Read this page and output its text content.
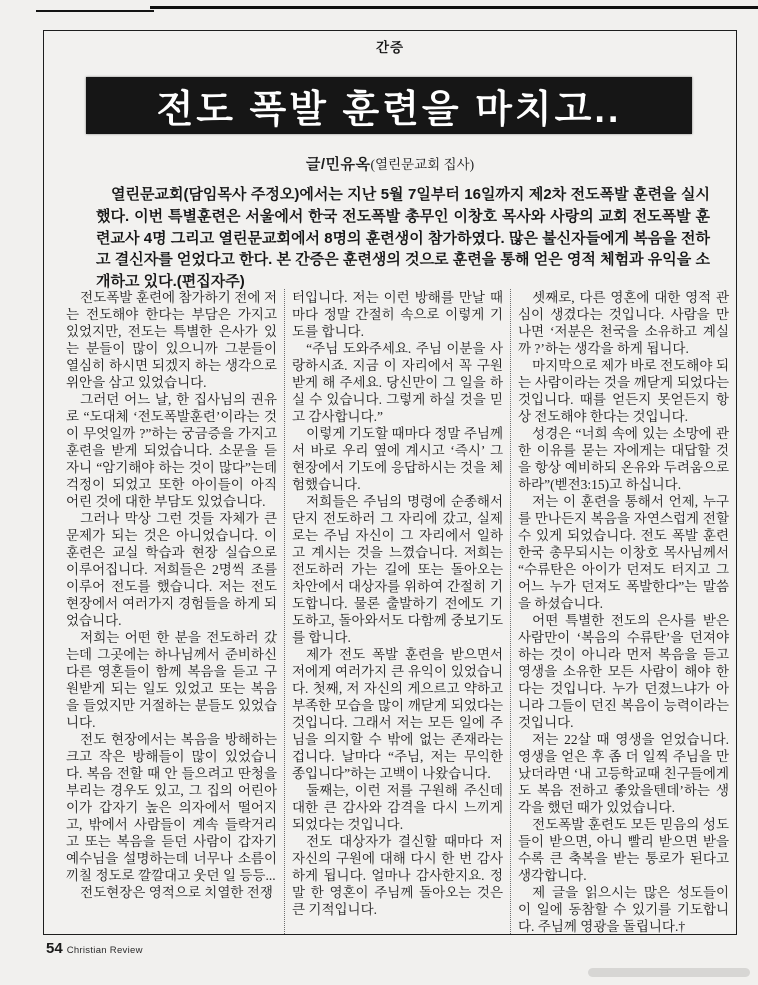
간증
전도 폭발 훈련을 마치고..
글/민유옥(열린문교회 집사)
열린문교회(담임목사 주정오)에서는 지난 5월 7일부터 16일까지 제2차 전도폭발 훈련을 실시했다. 이번 특별훈련은 서울에서 한국 전도폭발 총무인 이창호 목사와 사랑의 교회 전도폭발 훈련교사 4명 그리고 열린문교회에서 8명의 훈련생이 참가하였다. 많은 불신자들에게 복음을 전하고 결신자를 얻었다고 한다. 본 간증은 훈련생의 것으로 훈련을 통해 얻은 영적 체험과 유익을 소개하고 있다.(편집자주)

전도폭발 훈련에 참가하기 전에 저는 전도해야 한다는 부담은 가지고 있었지만, 전도는 특별한 은사가 있는 분들이 많이 있으니까 그분들이 열심히 하시면 되겠지 하는 생각으로 위안을 삼고 있었습니다.

그러던 어느 날, 한 집사님의 권유로 “도대체 ‘전도폭발훈련’이라는 것이 무엇일까 ?”하는 궁금증을 가지고 훈련을 받게 되었습니다. 소문을 듣자니 “암기해야 하는 것이 많다”는데 걱정이 되었고 또한 아이들이 아직 어린 것에 대한 부담도 있었습니다.

그러나 막상 그런 것들 자체가 큰 문제가 되는 것은 아니었습니다. 이 훈련은 교실 학습과 현장 실습으로 이루어집니다. 저희들은 2명씩 조를 이루어 전도를 했습니다. 저는 전도 현장에서 여러가지 경험들을 하게 되었습니다.

저희는 어떤 한 분을 전도하러 갔는데 그곳에는 하나님께서 준비하신 다른 영혼들이 함께 복음을 듣고 구원받게 되는 일도 있었고 또는 복음을 들었지만 거절하는 분들도 있었습니다.

전도 현장에서는 복음을 방해하는 크고 작은 방해들이 많이 있었습니다. 복음 전할 때 안 들으려고 딴청을 부리는 경우도 있고, 그 집의 어린아이가 갑자기 높은 의자에서 떨어지고, 밖에서 사람들이 계속 들락거리고 또는 복음을 듣던 사람이 갑자기 예수님을 설명하는데 너무나 소름이 끼칠 정도로 깔깔대고 웃던 일 등등...

전도현장은 영적으로 치열한 전쟁

터입니다. 저는 이런 방해를 만날 때마다 정말 간절히 속으로 이렇게 기도를 합니다.

“주님 도와주세요. 주님 이분을 사랑하시죠. 지금 이 자리에서 꼭 구원받게 해 주세요. 당신만이 그 일을 하실 수 있습니다. 그렇게 하실 것을 믿고 감사합니다.”

이렇게 기도할 때마다 정말 주님께서 바로 우리 옆에 계시고 ‘즉시’ 그 현장에서 기도에 응답하시는 것을 체험했습니다.

저희들은 주님의 명령에 순종해서 단지 전도하러 그 자리에 갔고, 실제로는 주님 자신이 그 자리에서 일하고 계시는 것을 느꼈습니다. 저희는 전도하러 가는 길에 또는 돌아오는 차안에서 대상자를 위하여 간절히 기도합니다. 물론 출발하기 전에도 기도하고, 돌아와서도 다함께 중보기도를 합니다.

제가 전도 폭발 훈련을 받으면서 저에게 여러가지 큰 유익이 있었습니다. 첫째, 저 자신의 게으르고 약하고 부족한 모습을 많이 깨닫게 되었다는 것입니다. 그래서 저는 모든 일에 주님을 의지할 수 밖에 없는 존재라는 겁니다. 날마다 “주님, 저는 무익한 종입니다”하는 고백이 나왔습니다.

둘째는, 이런 저를 구원해 주신데 대한 큰 감사와 감격을 다시 느끼게 되었다는 것입니다.

전도 대상자가 결신할 때마다 저 자신의 구원에 대해 다시 한 번 감사하게 됩니다. 얼마나 감사한지요. 정말 한 영혼이 주님께 돌아오는 것은 큰 기적입니다.

셋째로, 다른 영혼에 대한 영적 관심이 생겼다는 것입니다. 사람을 만나면 ‘저분은 천국을 소유하고 계실까 ?’하는 생각을 하게 됩니다.

마지막으로 제가 바로 전도해야 되는 사람이라는 것을 깨닫게 되었다는 것입니다. 때를 얻든지 못얻든지 항상 전도해야 한다는 것입니다.

성경은 “너희 속에 있는 소망에 관한 이유를 묻는 자에게는 대답할 것을 항상 예비하되 온유와 두려움으로 하라”(벧전3:15)고 하십니다.

저는 이 훈련을 통해서 언제, 누구를 만나든지 복음을 자연스럽게 전할 수 있게 되었습니다. 전도 폭발 훈련 한국 총무되시는 이창호 목사님께서 “수류탄은 아이가 던져도 터지고 그 어느 누가 던져도 폭발한다”는 말씀을 하셨습니다.

어떤 특별한 전도의 은사를 받은 사람만이 ‘복음의 수류탄’을 던져야 하는 것이 아니라 먼저 복음을 듣고 영생을 소유한 모든 사람이 해야 한다는 것입니다. 누가 던졌느냐가 아니라 그들이 던진 복음이 능력이라는 것입니다.

저는 22살 때 영생을 얻었습니다. 영생을 얻은 후 좀 더 일찍 주님을 만났더라면 ‘내 고등학교때 친구들에게도 복음 전하고 좋았을텐데’하는 생각을 했던 때가 있었습니다.

전도폭발 훈련도 모든 믿음의 성도들이 받으면, 아니 빨리 받으면 받을수록 큰 축복을 받는 통로가 된다고 생각합니다.

제 글을 읽으시는 많은 성도들이 이 일에 동참할 수 있기를 기도합니다. 주님께 영광을 돌립니다.†

54 Christian Review
